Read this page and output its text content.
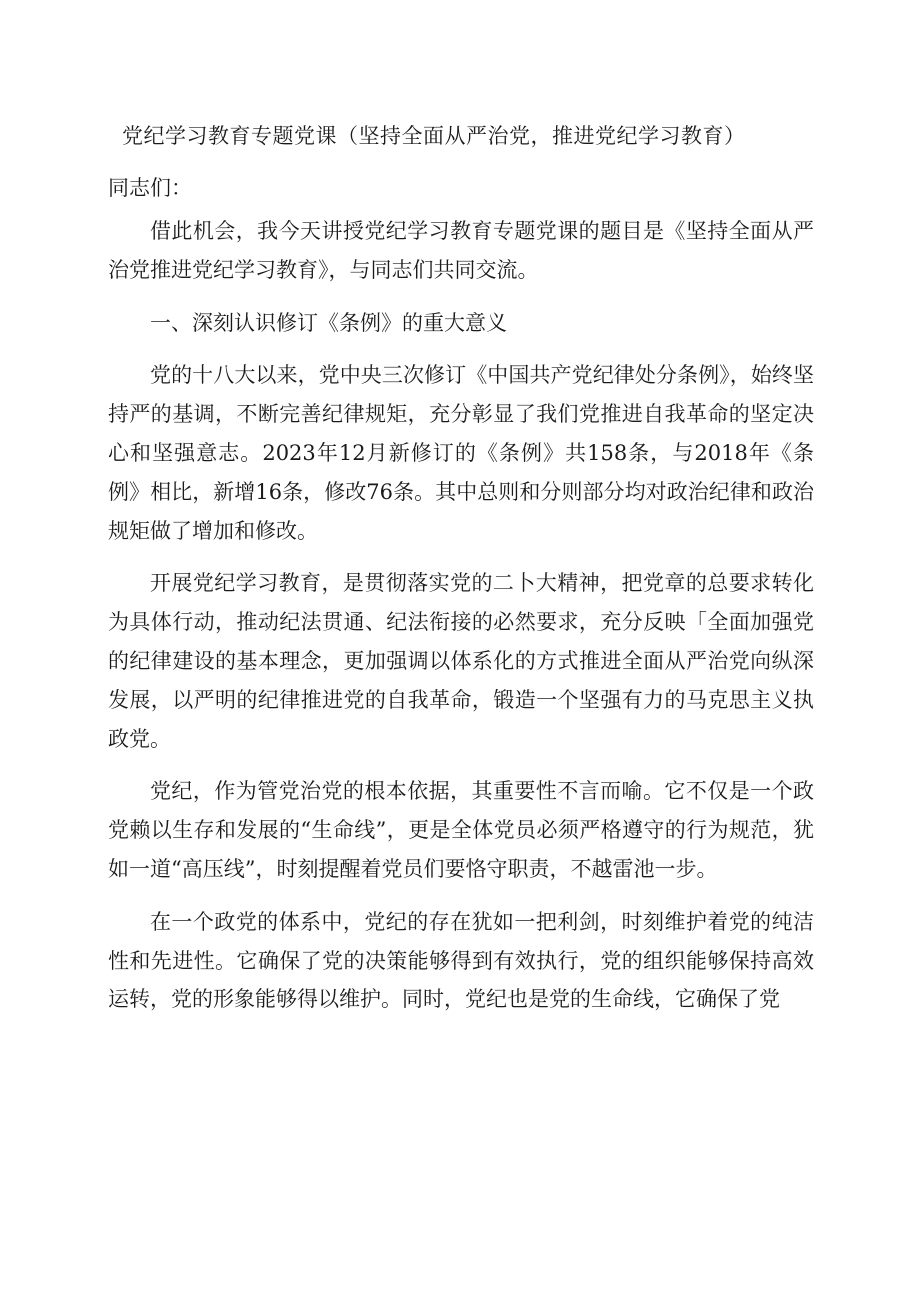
党纪学习教育专题党课（坚持全面从严治党，推进党纪学习教育）
同志们：

借此机会，我今天讲授党纪学习教育专题党课的题目是《坚持全面从严治党推进党纪学习教育》，与同志们共同交流。

一、深刻认识修订《条例》的重大意义

党的十八大以来，党中央三次修订《中国共产党纪律处分条例》，始终坚持严的基调，不断完善纪律规矩，充分彰显了我们党推进自我革命的坚定决心和坚强意志。2023年12月新修订的《条例》共158条，与2018年《条例》相比，新增16条，修改76条。其中总则和分则部分均对政治纪律和政治规矩做了增加和修改。

开展党纪学习教育，是贯彻落实党的二卜大精神，把党章的总要求转化为具体行动，推动纪法贯通、纪法衔接的必然要求，充分反映「全面加强党的纪律建设的基本理念，更加强调以体系化的方式推进全面从严治党向纵深发展，以严明的纪律推进党的自我革命，锻造一个坚强有力的马克思主义执政党。

党纪，作为管党治党的根本依据，其重要性不言而喻。它不仅是一个政党赖以生存和发展的“生命线”，更是全体党员必须严格遵守的行为规范，犹如一道“高压线”，时刻提醒着党员们要恪守职责，不越雷池一步。

在一个政党的体系中，党纪的存在犹如一把利剑，时刻维护着党的纯洁性和先进性。它确保了党的决策能够得到有效执行，党的组织能够保持高效运转，党的形象能够得以维护。同时，党纪也是党的生命线，它确保了党
